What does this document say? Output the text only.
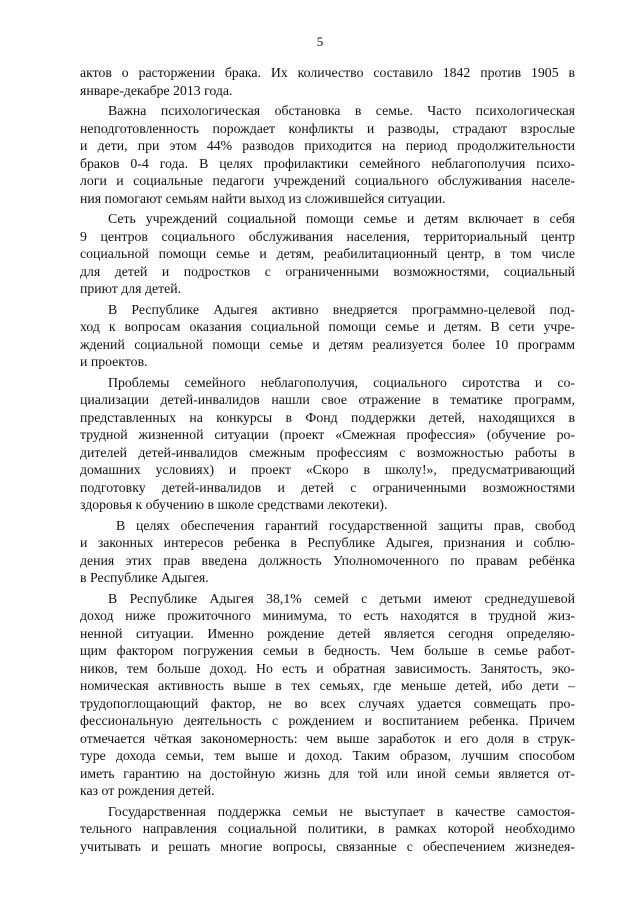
5

актов о расторжении брака. Их количество составило 1842 против 1905 в
январе-декабре 2013 года.

Важна психологическая обстановка в семье. Часто психологическая
неподготовленность порождает конфликты и разводы, страдают взрослые
и дети, при этом 44% разводов приходится на период продолжительности
браков 0-4 года. В целях профилактики семейного неблагополучия психо-
логи и социальные педагоги учреждений социального обслуживания населе-
ния помогают семьям найти выход из сложившейся ситуации.

Сеть учреждений социальной помощи семье и детям включает в себя
9 центров социального обслуживания населения, территориальный центр
социальной помощи семье и детям, реабилитационный центр, в том числе
для детей и подростков с ограниченными возможностями, социальный
приют для детей.

В Республике Адыгея активно внедряется программно-целевой под-
ход к вопросам оказания социальной помощи семье и детям. В сети учре-
ждений социальной помощи семье и детям реализуется более 10 программ
и проектов.

Проблемы семейного неблагополучия, социального сиротства и со-
циализации детей-инвалидов нашли свое отражение в тематике программ,
представленных на конкурсы в Фонд поддержки детей, находящихся в
трудной жизненной ситуации (проект «Смежная профессия» (обучение ро-
дителей детей-инвалидов смежным профессиям с возможностью работы в
домашних условиях) и проект «Скоро в школу!», предусматривающий
подготовку детей-инвалидов и детей с ограниченными возможностями
здоровья к обучению в школе средствами лекотеки).

В целях обеспечения гарантий государственной защиты прав, свобод
и законных интересов ребенка в Республике Адыгея, признания и соблю-
дения этих прав введена должность Уполномоченного по правам ребёнка
в Республике Адыгея.

В Республике Адыгея 38,1% семей с детьми имеют среднедушевой
доход ниже прожиточного минимума, то есть находятся в трудной жиз-
ненной ситуации. Именно рождение детей является сегодня определяю-
щим фактором погружения семьи в бедность. Чем больше в семье работ-
ников, тем больше доход. Но есть и обратная зависимость. Занятость, эко-
номическая активность выше в тех семьях, где меньше детей, ибо дети –
трудопоглощающий фактор, не во всех случаях удается совмещать про-
фессиональную деятельность с рождением и воспитанием ребенка. Причем
отмечается чёткая закономерность: чем выше заработок и его доля в струк-
туре дохода семьи, тем выше и доход. Таким образом, лучшим способом
иметь гарантию на достойную жизнь для той или иной семьи является от-
каз от рождения детей.

Государственная поддержка семьи не выступает в качестве самостоя-
тельного направления социальной политики, в рамках которой необходимо
учитывать и решать многие вопросы, связанные с обеспечением жизнедея-
